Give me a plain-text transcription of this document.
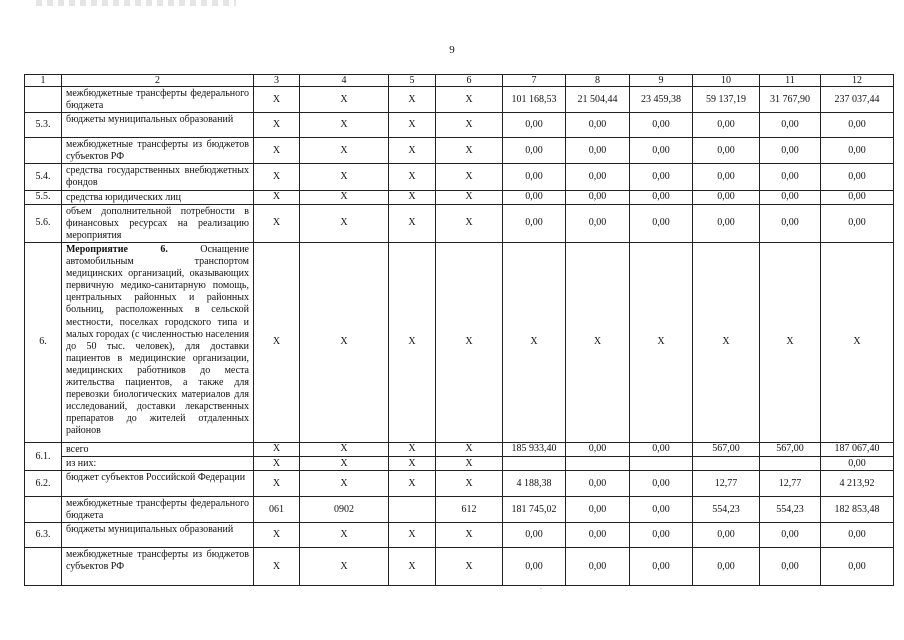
9
1	2	3	4	5	6	7	8	9	10	11	12
	межбюджетные трансферты федерального бюджета	X	X	X	X	101 168,53	21 504,44	23 459,38	59 137,19	31 767,90	237 037,44
5.3.	бюджеты муниципальных образований	X	X	X	X	0,00	0,00	0,00	0,00	0,00	0,00
	межбюджетные трансферты из бюджетов субъектов РФ	X	X	X	X	0,00	0,00	0,00	0,00	0,00	0,00
5.4.	средства государственных внебюджетных фондов	X	X	X	X	0,00	0,00	0,00	0,00	0,00	0,00
5.5.	средства юридических лиц	X	X	X	X	0,00	0,00	0,00	0,00	0,00	0,00
5.6.	объем дополнительной потребности в финансовых ресурсах на реализацию мероприятия	X	X	X	X	0,00	0,00	0,00	0,00	0,00	0,00
6.	Мероприятие 6. Оснащение автомобильным транспортом медицинских организаций, оказывающих первичную медико-санитарную помощь, центральных районных и районных больниц, расположенных в сельской местности, поселках городского типа и малых городах (с численностью населения до 50 тыс. человек), для доставки пациентов в медицинские организации, медицинских работников до места жительства пациентов, а также для перевозки биологических материалов для исследований, доставки лекарственных препаратов до жителей отдаленных районов	X	X	X	X	X	X	X	X	X	X
6.1.	всего	X	X	X	X	185 933,40	0,00	0,00	567,00	567,00	187 067,40
	из них:	X	X	X	X						0,00
6.2.	бюджет субъектов Российской Федерации	X	X	X	X	4 188,38	0,00	0,00	12,77	12,77	4 213,92
	межбюджетные трансферты федерального бюджета	061	0902		612	181 745,02	0,00	0,00	554,23	554,23	182 853,48
6.3.	бюджеты муниципальных образований	X	X	X	X	0,00	0,00	0,00	0,00	0,00	0,00
	межбюджетные трансферты из бюджетов субъектов РФ	X	X	X	X	0,00	0,00	0,00	0,00	0,00	0,00
.
